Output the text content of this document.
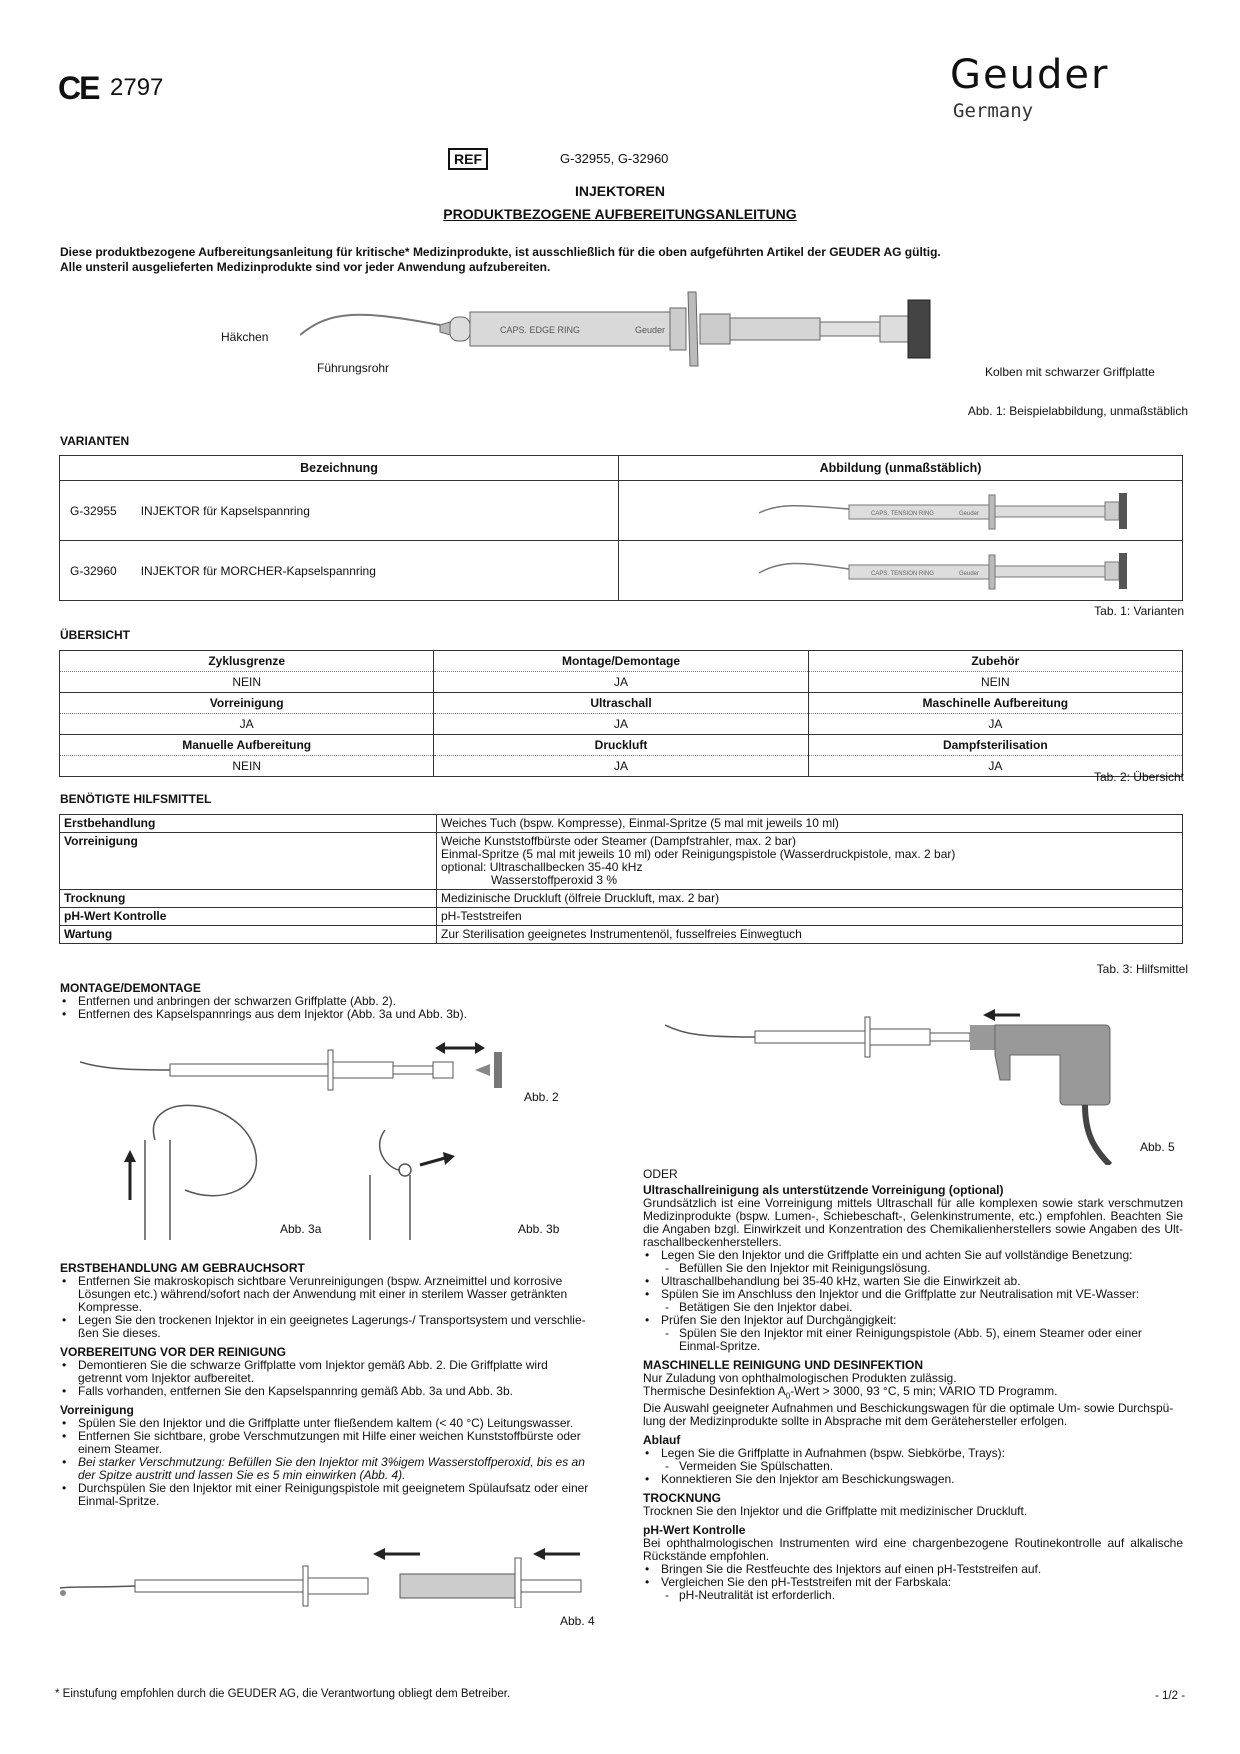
CE 2797	Geuder
Germany
REF	G-32955, G-32960
INJEKTOREN
PRODUKTBEZOGENE AUFBEREITUNGSANLEITUNG
Diese produktbezogene Aufbereitungsanleitung für kritische* Medizinprodukte, ist ausschließlich für die oben aufgeführten Artikel der GEUDER AG gültig.
Alle unsteril ausgelieferten Medizinprodukte sind vor jeder Anwendung aufzubereiten.
CAPS. EDGE RING	Geuder
Häkchen
Führungsrohr	Kolben mit schwarzer Griffplatte
Abb. 1: Beispielabbildung, unmaßstäblich
VARIANTEN
Bezeichnung	Abbildung (unmaßstäblich)
G-32955 INJEKTOR für Kapselspannring	CAPS. TENSION RING Geuder

G-32960 INJEKTOR für MORCHER-Kapselspannring	CAPS. TENSION RING Geuder
Tab. 1: Varianten
ÜBERSICHT
Zyklusgrenze	Montage/Demontage	Zubehör
NEIN	JA	NEIN
Vorreinigung	Ultraschall	Maschinelle Aufbereitung
JA	JA	JA
Manuelle Aufbereitung	Druckluft	Dampfsterilisation
NEIN	JA	JA
Tab. 2: Übersicht
BENÖTIGTE HILFSMITTEL
Erstbehandlung	Weiches Tuch (bspw. Kompresse), Einmal-Spritze (5 mal mit jeweils 10 ml)
Vorreinigung	Weiche Kunststoffbürste oder Steamer (Dampfstrahler, max. 2 bar)
Einmal-Spritze (5 mal mit jeweils 10 ml) oder Reinigungspistole (Wasserdruckpistole, max. 2 bar)
optional: Ultraschallbecken 35-40 kHz
Wasserstoffperoxid 3 %

Trocknung	Medizinische Druckluft (ölfreie Druckluft, max. 2 bar)
pH-Wert Kontrolle	pH-Teststreifen
Wartung	Zur Sterilisation geeignetes Instrumentenöl, fusselfreies Einwegtuch
Tab. 3: Hilfsmittel
MONTAGE/DEMONTAGE
• Entfernen und anbringen der schwarzen Griffplatte (Abb. 2).
• Entfernen des Kapselspannrings aus dem Injektor (Abb. 3a und Abb. 3b).
Abb. 2
Abb. 3a	Abb. 3b
ERSTBEHANDLUNG AM GEBRAUCHSORT
• Entfernen Sie makroskopisch sichtbare Verunreinigungen (bspw. Arzneimittel und korrosive Lösungen etc.) während/sofort nach der Anwendung mit einer in sterilem Wasser getränkten Kompresse.
• Legen Sie den trockenen Injektor in ein geeignetes Lagerungs-/ Transportsystem und verschlie-ßen Sie dieses.
VORBEREITUNG VOR DER REINIGUNG
• Demontieren Sie die schwarze Griffplatte vom Injektor gemäß Abb. 2. Die Griffplatte wird getrennt vom Injektor aufbereitet.
• Falls vorhanden, entfernen Sie den Kapselspannring gemäß Abb. 3a und Abb. 3b.
Vorreinigung
• Spülen Sie den Injektor und die Griffplatte unter fließendem kaltem (< 40 °C) Leitungswasser.
• Entfernen Sie sichtbare, grobe Verschmutzungen mit Hilfe einer weichen Kunststoffbürste oder einem Steamer.
• Bei starker Verschmutzung: Befüllen Sie den Injektor mit 3%igem Wasserstoffperoxid, bis es an der Spitze austritt und lassen Sie es 5 min einwirken (Abb. 4).
• Durchspülen Sie den Injektor mit einer Reinigungspistole mit geeignetem Spülaufsatz oder einer Einmal-Spritze.
Abb. 4
Abb. 5
ODER
Ultraschallreinigung als unterstützende Vorreinigung (optional)
Grundsätzlich ist eine Vorreinigung mittels Ultraschall für alle komplexen sowie stark verschmutzen Medizinprodukte (bspw. Lumen-, Schiebeschaft-, Gelenkinstrumente, etc.) empfohlen. Beachten Sie die Angaben bzgl. Einwirkzeit und Konzentration des Chemikalienherstellers sowie Angaben des Ult-raschallbeckenherstellers.
• Legen Sie den Injektor und die Griffplatte ein und achten Sie auf vollständige Benetzung:
- Befüllen Sie den Injektor mit Reinigungslösung.
• Ultraschallbehandlung bei 35-40 kHz, warten Sie die Einwirkzeit ab.
• Spülen Sie im Anschluss den Injektor und die Griffplatte zur Neutralisation mit VE-Wasser:
- Betätigen Sie den Injektor dabei.
• Prüfen Sie den Injektor auf Durchgängigkeit:
- Spülen Sie den Injektor mit einer Reinigungspistole (Abb. 5), einem Steamer oder einer Einmal-Spritze.
MASCHINELLE REINIGUNG UND DESINFEKTION
Nur Zuladung von ophthalmologischen Produkten zulässig.
Thermische Desinfektion $A_0$-Wert > 3000, 93 °C, 5 min; VARIO TD Programm.
Die Auswahl geeigneter Aufnahmen und Beschickungswagen für die optimale Um- sowie Durchspü-lung der Medizinprodukte sollte in Absprache mit dem Gerätehersteller erfolgen.
Ablauf
• Legen Sie die Griffplatte in Aufnahmen (bspw. Siebkörbe, Trays):
- Vermeiden Sie Spülschatten.
• Konnektieren Sie den Injektor am Beschickungswagen.
TROCKNUNG
Trocknen Sie den Injektor und die Griffplatte mit medizinischer Druckluft.
pH-Wert Kontrolle
Bei ophthalmologischen Instrumenten wird eine chargenbezogene Routinekontrolle auf alkalische Rückstände empfohlen.
• Bringen Sie die Restfeuchte des Injektors auf einen pH-Teststreifen auf.
• Vergleichen Sie den pH-Teststreifen mit der Farbskala:
- pH-Neutralität ist erforderlich.
* Einstufung empfohlen durch die GEUDER AG, die Verantwortung obliegt dem Betreiber.	- 1/2 -
